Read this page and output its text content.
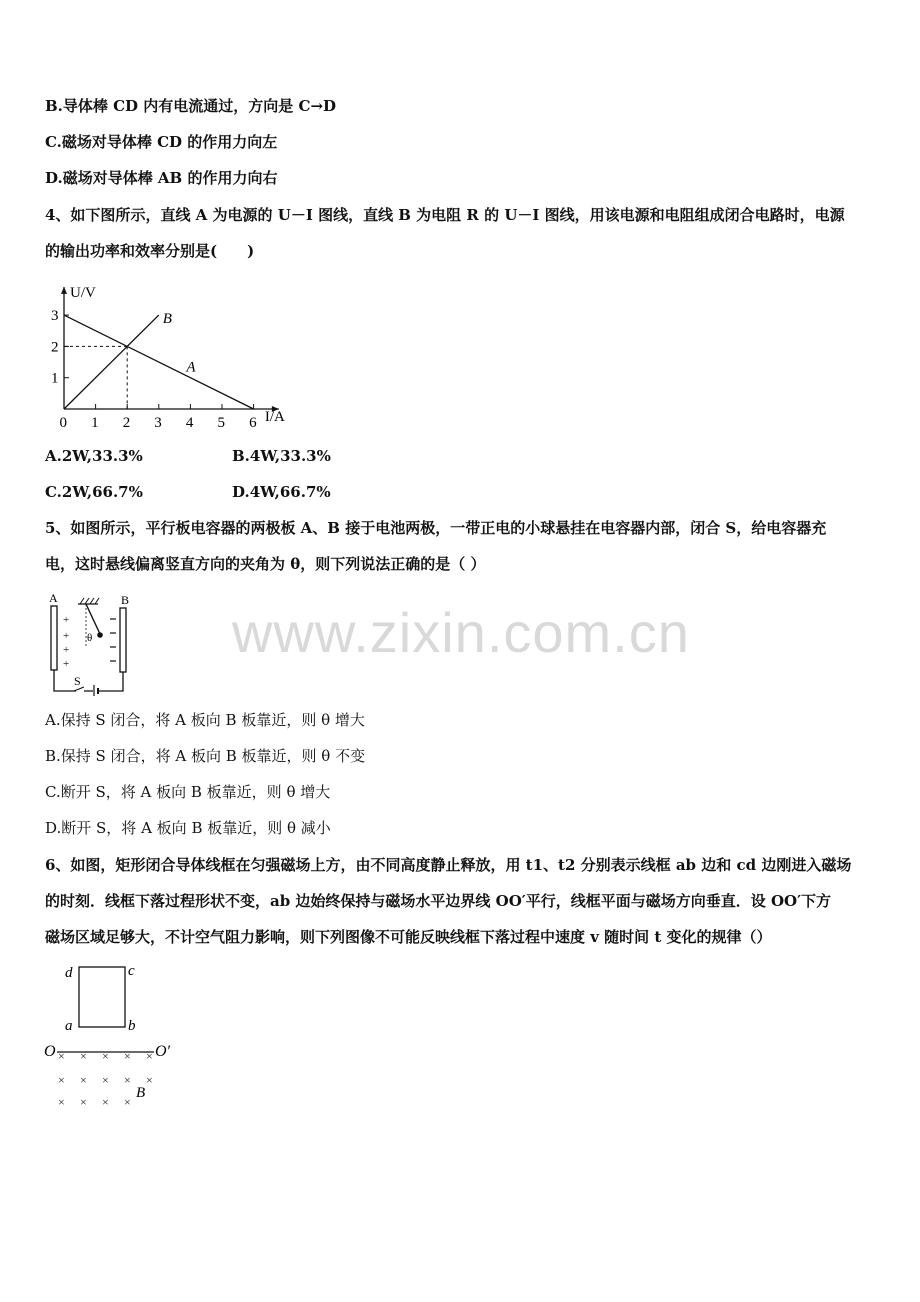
B.导体棒 CD 内有电流通过，方向是 C→D
C.磁场对导体棒 CD 的作用力向左
D.磁场对导体棒 AB 的作用力向右
4、如下图所示，直线 A 为电源的 U－I 图线，直线 B 为电阻 R 的 U－I 图线，用该电源和电阻组成闭合电路时，电源
的输出功率和效率分别是(　　)
0 1 2 3 4 5 6
1
2
3
U/V
I/A
A
B
A.2W,33.3%	B.4W,33.3%
C.2W,66.7%	D.4W,66.7%
5、如图所示，平行板电容器的两极板 A、B 接于电池两极，一带正电的小球悬挂在电容器内部，闭合 S，给电容器充
电，这时悬线偏离竖直方向的夹角为 θ，则下列说法正确的是（ ）
A	B
+
+
+
+
θ
S
www.zixin.com.cn
A.保持 S 闭合，将 A 板向 B 板靠近，则 θ 增大
B.保持 S 闭合，将 A 板向 B 板靠近，则 θ 不变
C.断开 S，将 A 板向 B 板靠近，则 θ 增大
D.断开 S，将 A 板向 B 板靠近，则 θ 减小
6、如图，矩形闭合导体线框在匀强磁场上方，由不同高度静止释放，用 t1、t2 分别表示线框 ab 边和 cd 边刚进入磁场
的时刻．线框下落过程形状不变，ab 边始终保持与磁场水平边界线 OO′平行，线框平面与磁场方向垂直．设 OO′下方
磁场区域足够大，不计空气阻力影响，则下列图像不可能反映线框下落过程中速度 v 随时间 t 变化的规律（）
d	c
a	b
O	O′
× × × × ×
× × × × ×
× × × ×
B
